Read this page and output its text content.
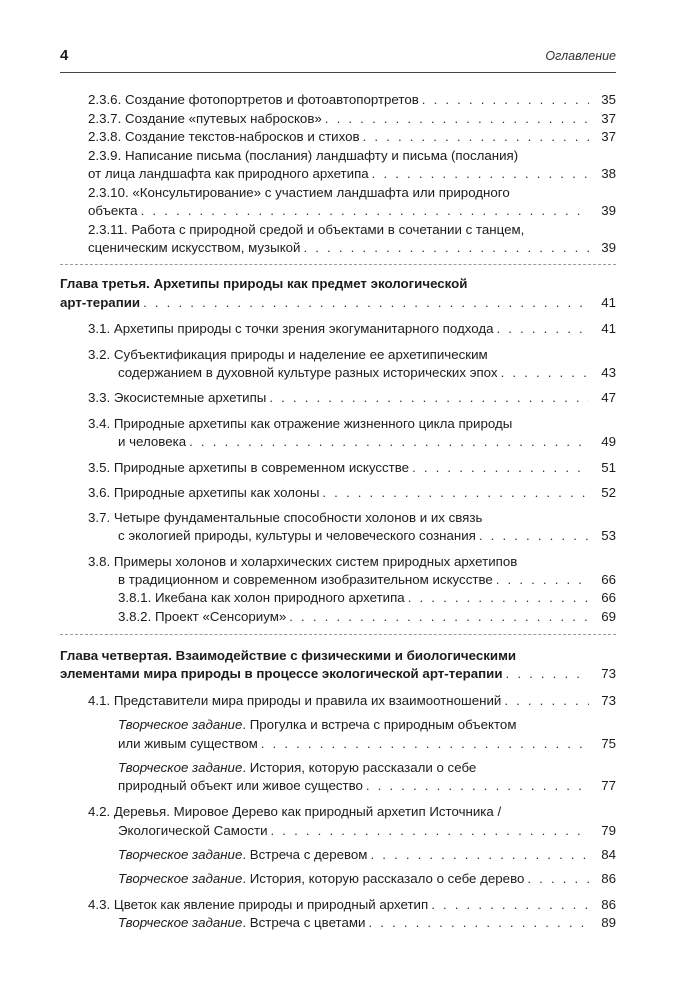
4	Оглавление
2.3.6. Создание фотопортретов и фотоавтопортретов . . .	35
2.3.7. Создание «путевых набросков» . . .	37
2.3.8. Создание текстов-набросков и стихов . . .	37
2.3.9. Написание письма (послания) ландшафту и письма (послания)
от лица ландшафта как природного архетипа . . .	38
2.3.10. «Консультирование» с участием ландшафта или природного
объекта . . .	39
2.3.11. Работа с природной средой и объектами в сочетании с танцем,
сценическим искусством, музыкой . . .	39
Глава третья. Архетипы природы как предмет экологической
арт-терапии . . .	41
3.1. Архетипы природы с точки зрения экогуманитарного подхода . . .	41
3.2. Субъектификация природы и наделение ее архетипическим
содержанием в духовной культуре разных исторических эпох . . .	43
3.3. Экосистемные архетипы . . .	47
3.4. Природные архетипы как отражение жизненного цикла природы
и человека . . .	49
3.5. Природные архетипы в современном искусстве . . .	51
3.6. Природные архетипы как холоны . . .	52
3.7. Четыре фундаментальные способности холонов и их связь
с экологией природы, культуры и человеческого сознания . . .	53
3.8. Примеры холонов и холархических систем природных архетипов
в традиционном и современном изобразительном искусстве . . .	66
3.8.1. Икебана как холон природного архетипа . . .	66
3.8.2. Проект «Сенсориум» . . .	69
Глава четвертая. Взаимодействие с физическими и биологическими
элементами мира природы в процессе экологической арт-терапии . . .	73
4.1. Представители мира природы и правила их взаимоотношений . . .	73
Творческое задание. Прогулка и встреча с природным объектом
или живым существом . . .	75
Творческое задание. История, которую рассказали о себе
природный объект или живое существо . . .	77
4.2. Деревья. Мировое Дерево как природный архетип Источника /
Экологической Самости . . .	79
Творческое задание. Встреча с деревом . . .	84
Творческое задание. История, которую рассказало о себе дерево . . .	86
4.3. Цветок как явление природы и природный архетип . . .	86
Творческое задание. Встреча с цветами . . .	89
